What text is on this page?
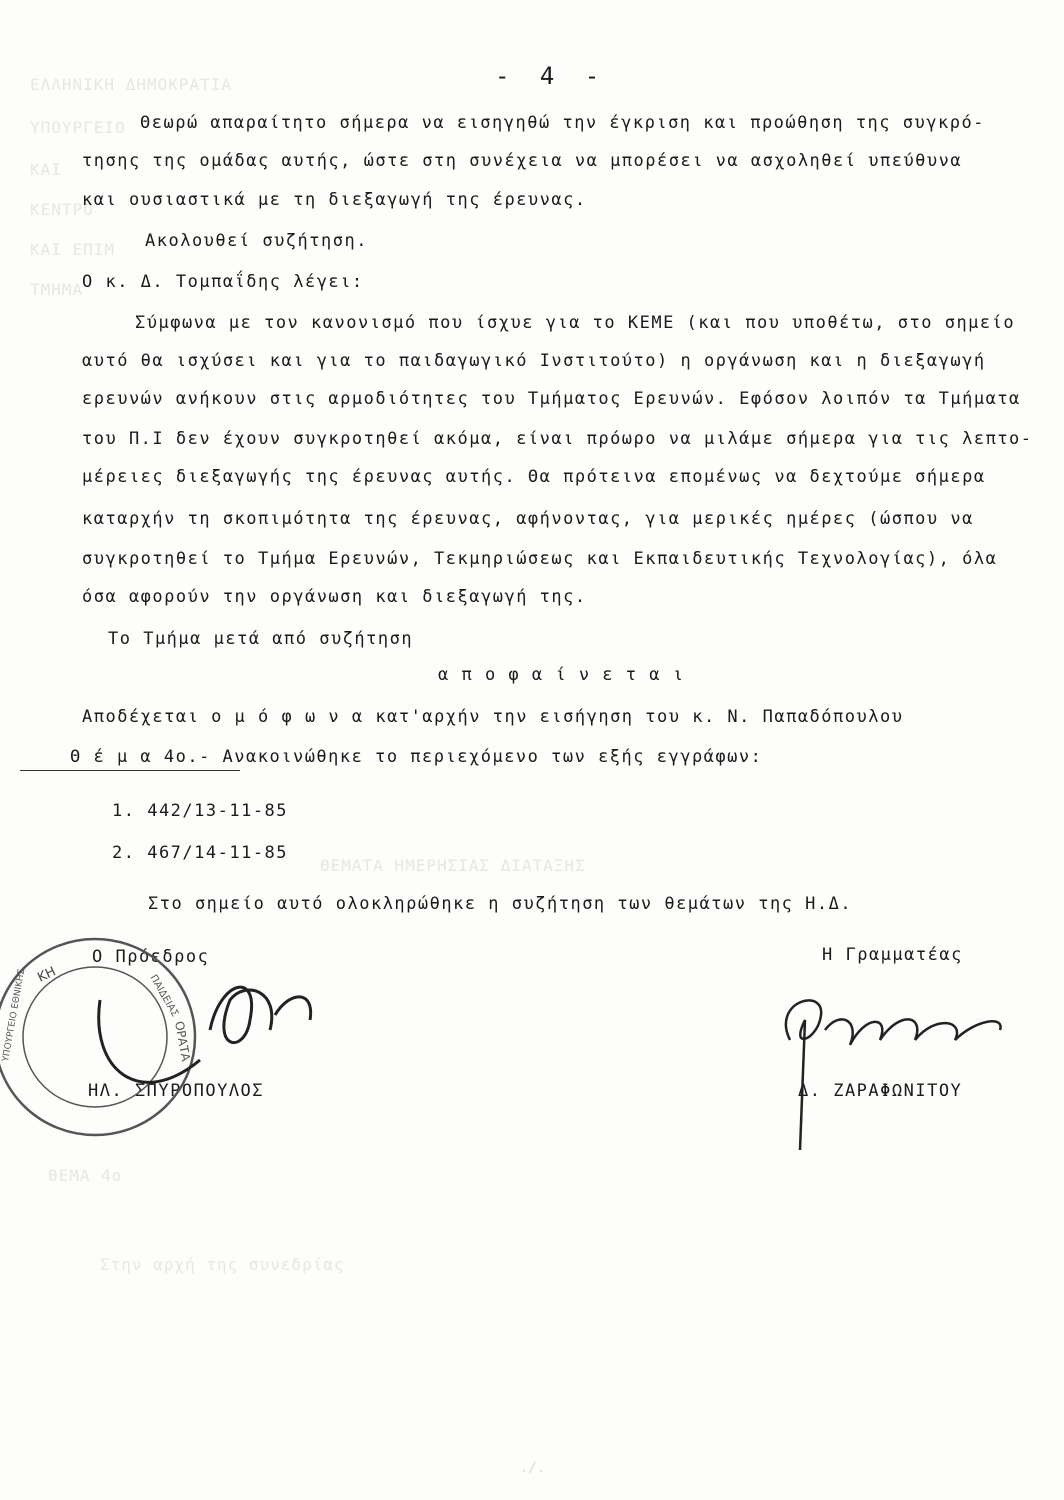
ΕΛΛΗΝΙΚΗ ΔΗΜΟΚΡΑΤΙΑ
ΥΠΟΥΡΓΕΙΟ
ΚΑΙ
ΚΕΝΤΡΟ
ΚΑΙ ΕΠΙΜ
ΤΜΗΜΑ
- 4 -
Θεωρώ απαραίτητο σήμερα να εισηγηθώ την έγκριση και προώθηση της συγκρό-
τησης της ομάδας αυτής, ώστε στη συνέχεια να μπορέσει να ασχοληθεί υπεύθυνα
και ουσιαστικά με τη διεξαγωγή της έρευνας.
Ακολουθεί συζήτηση.
Ο κ. Δ. Τομπαΐδης λέγει:
Σύμφωνα με τον κανονισμό που ίσχυε για το ΚΕΜΕ (και που υποθέτω, στο σημείο
αυτό θα ισχύσει και για το παιδαγωγικό Ινστιτούτο) η οργάνωση και η διεξαγωγή
ερευνών ανήκουν στις αρμοδιότητες του Τμήματος Ερευνών. Εφόσον λοιπόν τα Τμήματα
του Π.Ι δεν έχουν συγκροτηθεί ακόμα, είναι πρόωρο να μιλάμε σήμερα για τις λεπτο-
μέρειες διεξαγωγής της έρευνας αυτής. Θα πρότεινα επομένως να δεχτούμε σήμερα
καταρχήν τη σκοπιμότητα της έρευνας, αφήνοντας, για μερικές ημέρες (ώσπου να
συγκροτηθεί το Τμήμα Ερευνών, Τεκμηριώσεως και Εκπαιδευτικής Τεχνολογίας), όλα
όσα αφορούν την οργάνωση και διεξαγωγή της.
Το Τμήμα μετά από συζήτηση
α π ο φ α ί ν ε τ α ι
Αποδέχεται ο μ ό φ ω ν α κατ'αρχήν την εισήγηση του κ. Ν. Παπαδόπουλου
Θ έ μ α 4ο.- Ανακοινώθηκε το περιεχόμενο των εξής εγγράφων:
1. 442/13-11-85
2. 467/14-11-85
Στο σημείο αυτό ολοκληρώθηκε η συζήτηση των θεμάτων της Η.Δ.
Ο Πρόεδρος	Η Γραμματέας
ΗΛ. ΣΠΥΡΟΠΟΥΛΟΣ	Δ. ΖΑΡΑΦΩΝΙΤΟΥ
ΚΗ
ΥΠΟΥΡΓΕΙΟ ΕΘΝΙΚΗΣ	ΠΑΙΔΕΙΑΣ
ΟΡΑΤΑ
ΘΕΜΑΤΑ ΗΜΕΡΗΣΙΑΣ ΔΙΑΤΑΞΗΣ
ΘΕΜΑ 4ο
Στην αρχή της συνεδρίας
./.
